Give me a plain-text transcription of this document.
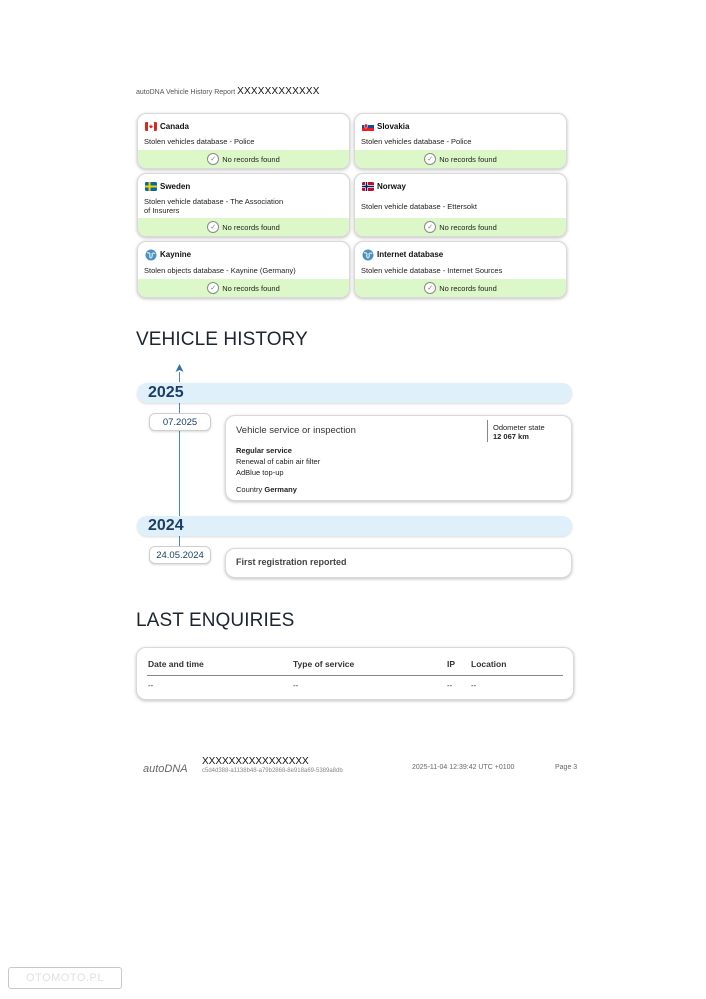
autoDNA Vehicle History Report XXXXXXXXXXXX
Canada
Stolen vehicles database - Police
✓ No records found
Slovakia
Stolen vehicles database - Police
✓ No records found
Sweden
Stolen vehicle database - The Association of Insurers
✓ No records found
Norway
Stolen vehicle database - Ettersokt
✓ No records found
Kaynine
Stolen objects database - Kaynine (Germany)
✓ No records found
Internet database
Stolen vehicle database - Internet Sources
✓ No records found
VEHICLE HISTORY
2025
07.2025
Vehicle service or inspection	Odometer state
12 067 km
Regular service
Renewal of cabin air filter
AdBlue top-up
Country Germany
2024
24.05.2024
First registration reported
LAST ENQUIRIES
Date and time	Type of service	IP Location
--	--	-- --
autoDNA
XXXXXXXXXXXXXXXX
c5d4d388-a1138b48-a79b2868-8e918a69-5389a8db	2025-11-04 12:39:42 UTC +0100	Page 3
OTOMOTO.PL
